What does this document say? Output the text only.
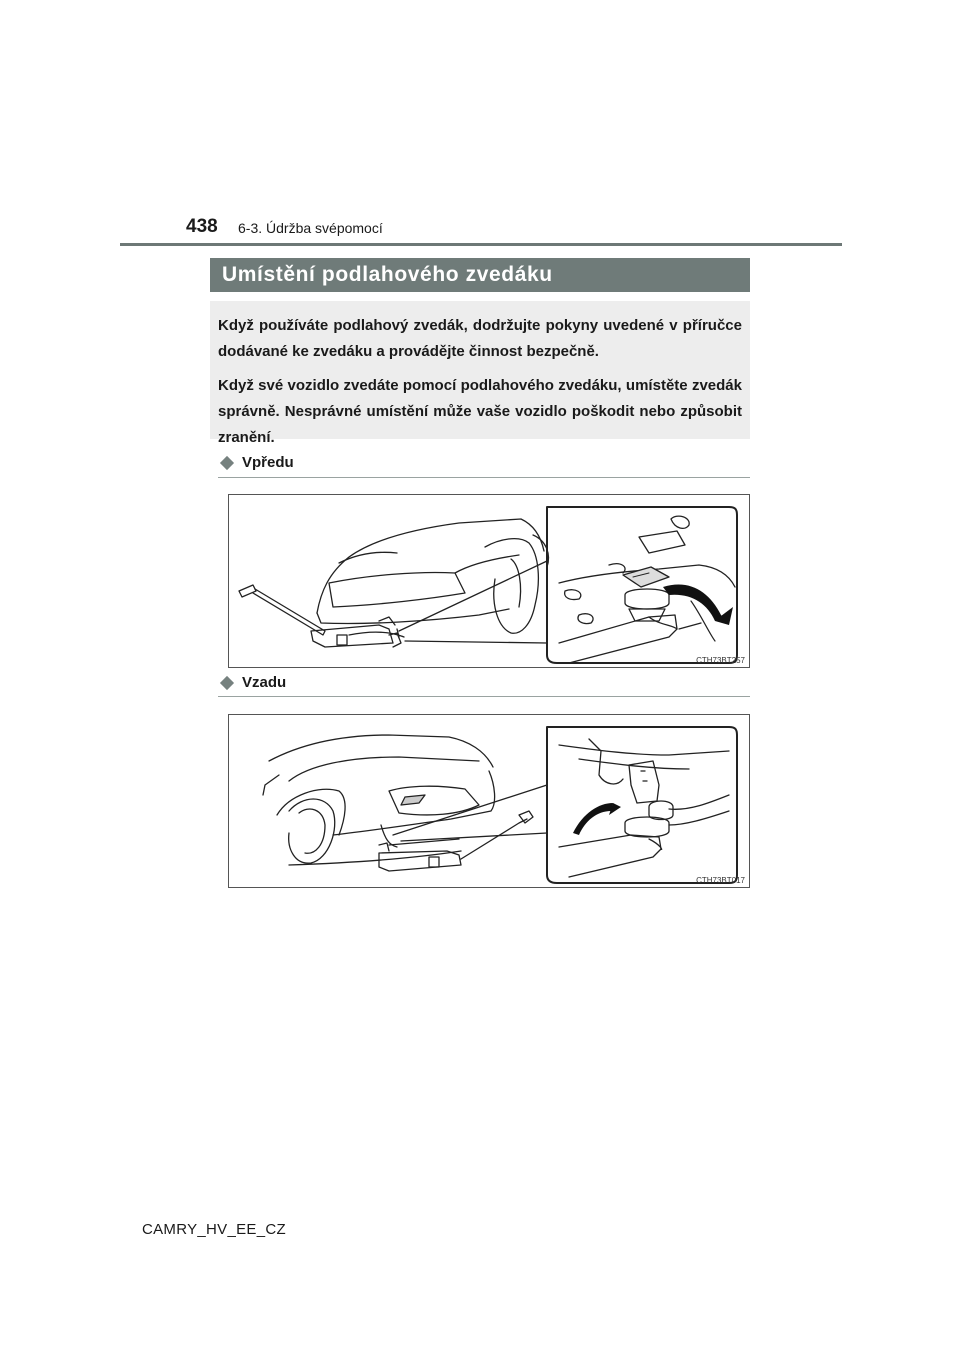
438 6-3. Údržba svépomocí
Umístění podlahového zvedáku

Když používáte podlahový zvedák, dodržujte pokyny uvedené v příručce dodávané ke zvedáku a provádějte činnost bezpečně.

Když své vozidlo zvedáte pomocí podlahového zvedáku, umístěte zvedák správně. Nesprávné umístění může vaše vozidlo poškodit nebo způsobit zranění.

Vpředu
CTH73BT257
Vzadu
CTH73BT017
CAMRY_HV_EE_CZ
